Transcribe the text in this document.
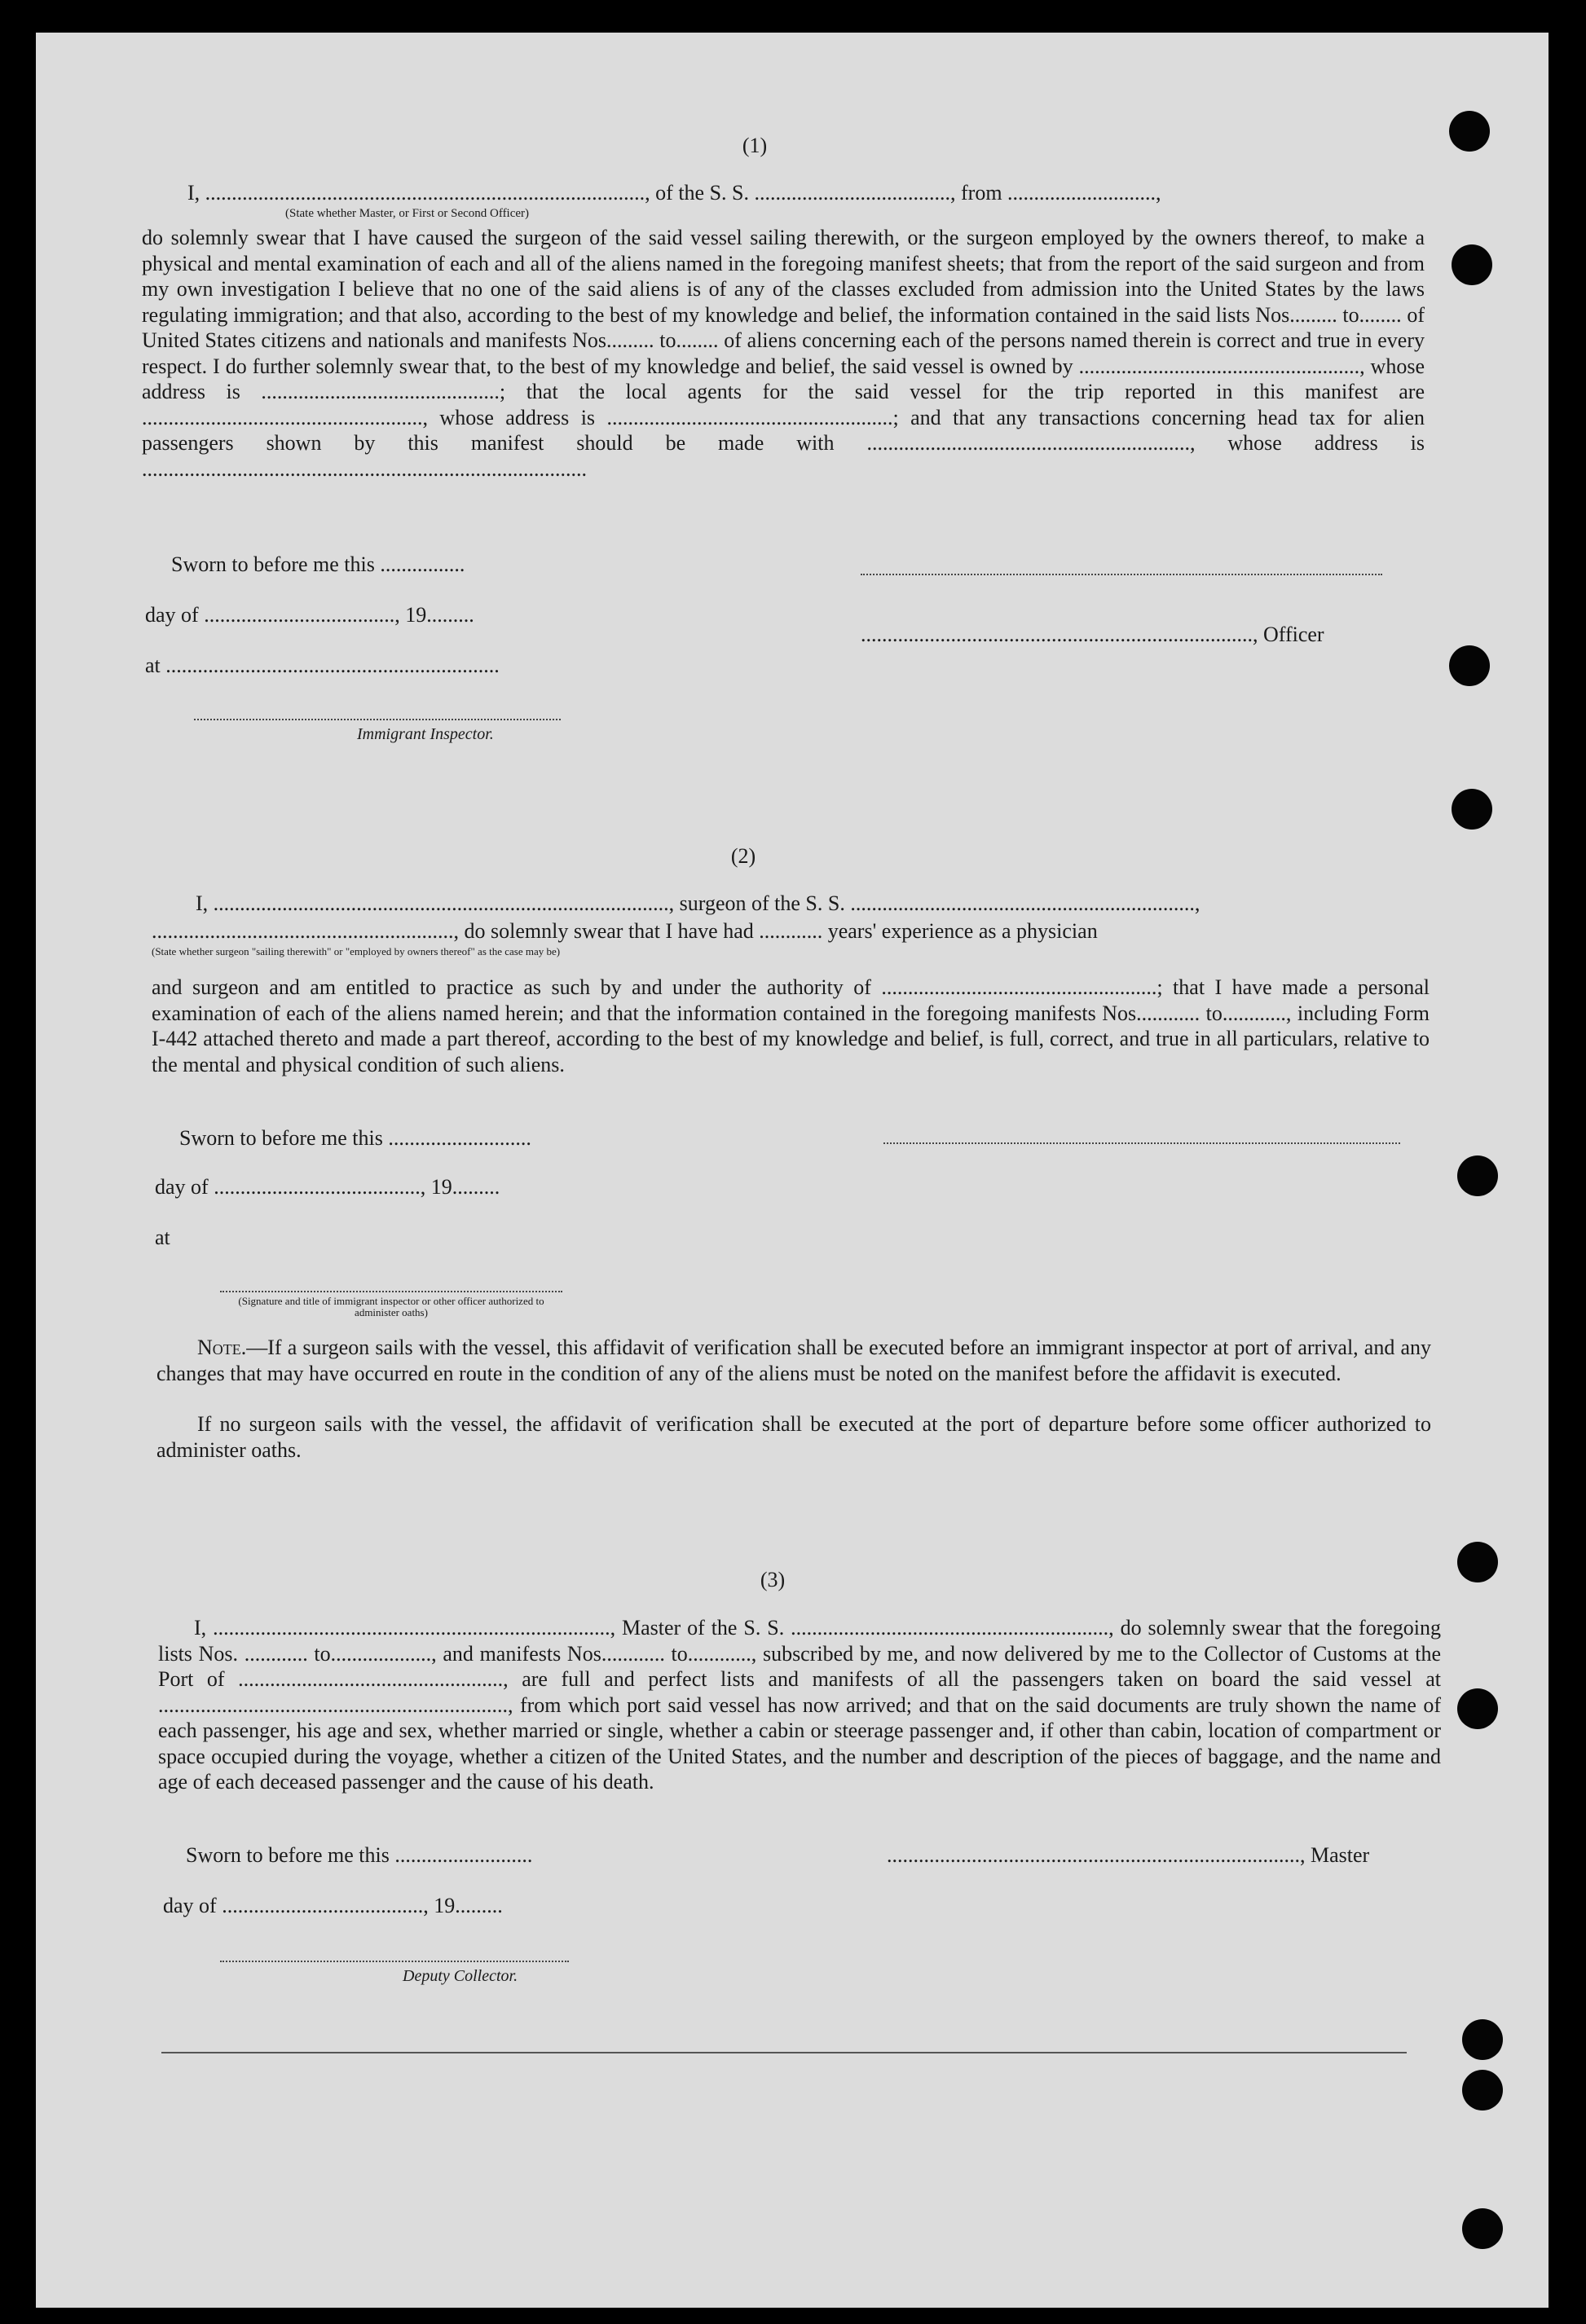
(1)
I, ..................................................................................., of the S. S. ....................................., from ............................,
(State whether Master, or First or Second Officer)
do solemnly swear that I have caused the surgeon of the said vessel sailing therewith, or the surgeon employed by the owners thereof, to make a physical and mental examination of each and all of the aliens named in the foregoing manifest sheets; that from the report of the said surgeon and from my own investigation I believe that no one of the said aliens is of any of the classes excluded from admission into the United States by the laws regulating immigration; and that also, according to the best of my knowledge and belief, the information contained in the said lists Nos......... to........ of United States citizens and nationals and manifests Nos......... to........ of aliens concerning each of the persons named therein is correct and true in every respect. I do further solemnly swear that, to the best of my knowledge and belief, the said vessel is owned by ....................................................., whose address is .............................................; that the local agents for the said vessel for the trip reported in this manifest are ....................................................., whose address is ......................................................; and that any transactions concerning head tax for alien passengers shown by this manifest should be made with ............................................................., whose address is ....................................................................................
Sworn to before me this ................
day of ...................................., 19.........
.........................................................................., Officer
at ...............................................................
Immigrant Inspector.
(2)
I, ......................................................................................, surgeon of the S. S. .................................................................,
........................................................., do solemnly swear that I have had ............ years' experience as a physician
(State whether surgeon "sailing therewith" or "employed by owners thereof" as the case may be)
and surgeon and am entitled to practice as such by and under the authority of ....................................................; that I have made a personal examination of each of the aliens named herein; and that the information contained in the foregoing manifests Nos............ to............, including Form I-442 attached thereto and made a part thereof, according to the best of my knowledge and belief, is full, correct, and true in all particulars, relative to the mental and physical condition of such aliens.
Sworn to before me this ...........................
day of ......................................., 19.........
at
(Signature and title of immigrant inspector or other officer authorized to administer oaths)
Note.—If a surgeon sails with the vessel, this affidavit of verification shall be executed before an immigrant inspector at port of arrival, and any changes that may have occurred en route in the condition of any of the aliens must be noted on the manifest before the affidavit is executed.
If no surgeon sails with the vessel, the affidavit of verification shall be executed at the port of departure before some officer authorized to administer oaths.
(3)
I, ..........................................................................., Master of the S. S. ............................................................, do solemnly swear that the foregoing lists Nos. ............ to..................., and manifests Nos............ to............, subscribed by me, and now delivered by me to the Collector of Customs at the Port of .................................................., are full and perfect lists and manifests of all the passengers taken on board the said vessel at .................................................................., from which port said vessel has now arrived; and that on the said documents are truly shown the name of each passenger, his age and sex, whether married or single, whether a cabin or steerage passenger and, if other than cabin, location of compartment or space occupied during the voyage, whether a citizen of the United States, and the number and description of the pieces of baggage, and the name and age of each deceased passenger and the cause of his death.
Sworn to before me this ..........................	.............................................................................., Master
day of ......................................, 19.........
Deputy Collector.
